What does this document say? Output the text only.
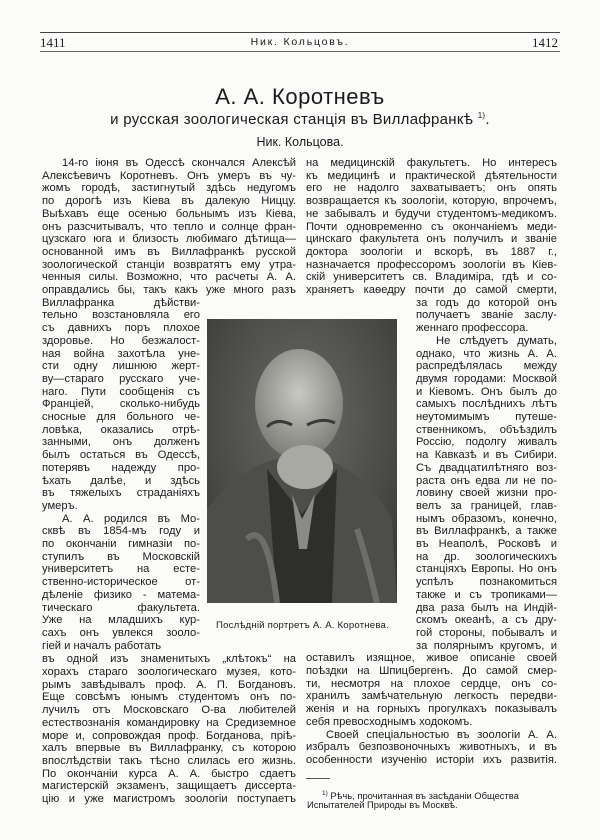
1411	Ник. Кольцовъ.	1412
А. А. Коротневъ
и русская зоологическая станція въ Виллафранкѣ $^{1)}$.
Ник. Кольцова.
14-го іюня въ Одессѣ скончался Алексѣй
Алексѣевичъ Коротневъ. Онъ умеръ въ чу-
жомъ городѣ, застигнутый здѣсь недугомъ
по дорогѣ изъ Кіева въ далекую Ниццу.
Выѣхавъ еще осенью больнымъ изъ Кіева,
онъ разсчитывалъ, что тепло и солнце фран-
цузскаго юга и близость любимаго дѣтища—
основанной имъ въ Виллафранкѣ русской
зоологической станціи возвратятъ ему утра-
ченныя силы. Возможно, что расчеты А. А.
оправдались бы, такъ какъ уже много разъ
Виллафранка дѣйстви-
тельно возстановляла его
съ давнихъ поръ плохое
здоровье. Но безжалост-
ная война захотѣла уне-
сти одну лишнюю жерт-
ву—стараго русскаго уче-
наго. Пути сообщенія съ
Франціей, сколько-нибудь
сносные для больного че-
ловѣка, оказались отрѣ-
занными, онъ долженъ
былъ остаться въ Одессѣ,
потерявъ надежду про-
ѣхать далѣе, и здѣсь
въ тяжелыхъ страданіяхъ
умеръ.
А. А. родился въ Мо-
сквѣ въ 1854-мъ году и
по окончаніи гимназіи по-
ступилъ въ Московскій
университетъ на есте-
ственно-историческое от-
дѣленіе физико - матема-
тическаго факультета.
Уже на младшихъ кур-
сахъ онъ увлекся зооло-
гіей и началъ работать
въ одной изъ знаменитыхъ „клѣтокъ“ на
хорахъ стараго зоологическаго музея, кото-
рымъ завѣдывалъ проф. А. П. Богдановъ.
Еще совсѣмъ юнымъ студентомъ онъ по-
лучилъ отъ Московскаго О-ва любителей
естествознанія командировку на Средиземное
море и, сопровождая проф. Богданова, пріѣ-
халъ впервые въ Виллафранку, съ которою
впослѣдствіи такъ тѣсно слилась его жизнь.
По окончаніи курса А. А. быстро сдаетъ
магистерскій экзаменъ, защищаетъ диссерта-
цію и уже магистромъ зоологіи поступаетъ
на медицинскій факультетъ. Но интересъ
къ медицинѣ и практической дѣятельности
его не надолго захватываетъ; онъ опять
возвращается къ зоологіи, которую, впрочемъ,
не забывалъ и будучи студентомъ-медикомъ.
Почти одновременно съ окончаніемъ меди-
цинскаго факультета онъ получилъ и званіе
доктора зоологіи и вскорѣ, въ 1887 г.,
назначается профессоромъ зоологіи въ Кіев-
скій университетъ св. Владиміра, гдѣ и со-
храняетъ каѳедру почти до самой смерти,
за годъ до которой онъ
получаетъ званіе заслу-
женнаго профессора.
Не слѣдуетъ думать,
однако, что жизнь А. А.
распредѣлялась между
двумя городами: Москвой
и Кіевомъ. Онъ былъ до
самыхъ послѣднихъ лѣтъ
неутомимымъ путеше-
ственникомъ, объѣздилъ
Россію, подолгу живалъ
на Кавказѣ и въ Сибири.
Съ двадцатилѣтняго воз-
раста онъ едва ли не по-
ловину своей жизни про-
велъ за границей, глав-
нымъ образомъ, конечно,
въ Виллафранкѣ, а также
въ Неаполѣ, Росковѣ и
на др. зоологическихъ
станціяхъ Европы. Но онъ
успѣлъ познакомиться
также и съ тропиками—
два раза былъ на Индій-
скомъ океанѣ, а съ дру-
гой стороны, побывалъ и
за полярнымъ кругомъ, и
оставилъ изящное, живое описаніе своей
поѣздки на Шпицбергенъ. До самой смер-
ти, несмотря на плохое сердце, онъ со-
хранилъ замѣчательную легкость передви-
женія и на горныхъ прогулкахъ показывалъ
себя превосходнымъ ходокомъ.
Своей спеціальностью въ зоологіи А. А.
избралъ безпозвоночныхъ животныхъ, и въ
особенности изученію исторіи ихъ развитія.
Послѣдній портретъ А. А. Коротнева.
$^{1)}$ Рѣчь, прочитанная въ засѣданіи Общества
Испытателей Природы въ Москвѣ.
